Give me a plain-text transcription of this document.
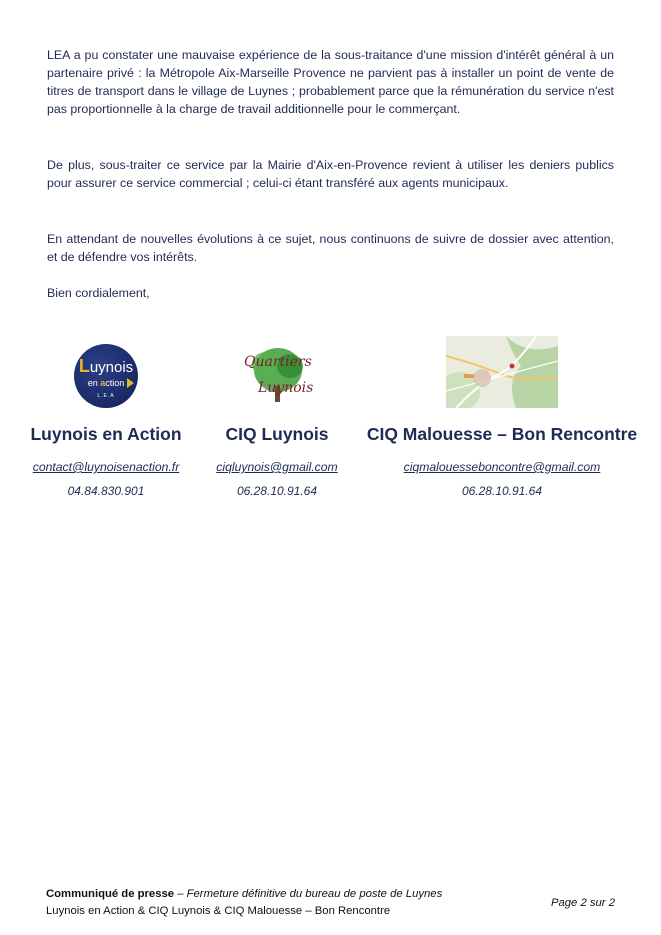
LEA a pu constater une mauvaise expérience de la sous-traitance d'une mission d'intérêt général à un partenaire privé : la Métropole Aix-Marseille Provence ne parvient pas à installer un point de vente de titres de transport dans le village de Luynes ; probablement parce que la rémunération du service n'est pas proportionnelle à la charge de travail additionnelle pour le commerçant.

De plus, sous-traiter ce service par la Mairie d'Aix-en-Provence revient à utiliser les deniers publics pour assurer ce service commercial ; celui-ci étant transféré aux agents municipaux.

En attendant de nouvelles évolutions à ce sujet, nous continuons de suivre de dossier avec attention, et de défendre vos intérêts.

Bien cordialement,

Luynois
en action
L.E.A
Luynois en Action
contact@luynoisenaction.fr
04.84.830.901
Quartiers
Luynois
CIQ Luynois
ciqluynois@gmail.com
06.28.10.91.64
CIQ Malouesse – Bon Rencontre
ciqmalouesseboncontre@gmail.com
06.28.10.91.64
Communiqué de presse – Fermeture définitive du bureau de poste de Luynes
Luynois en Action & CIQ Luynois & CIQ Malouesse – Bon Rencontre
Page 2 sur 2
